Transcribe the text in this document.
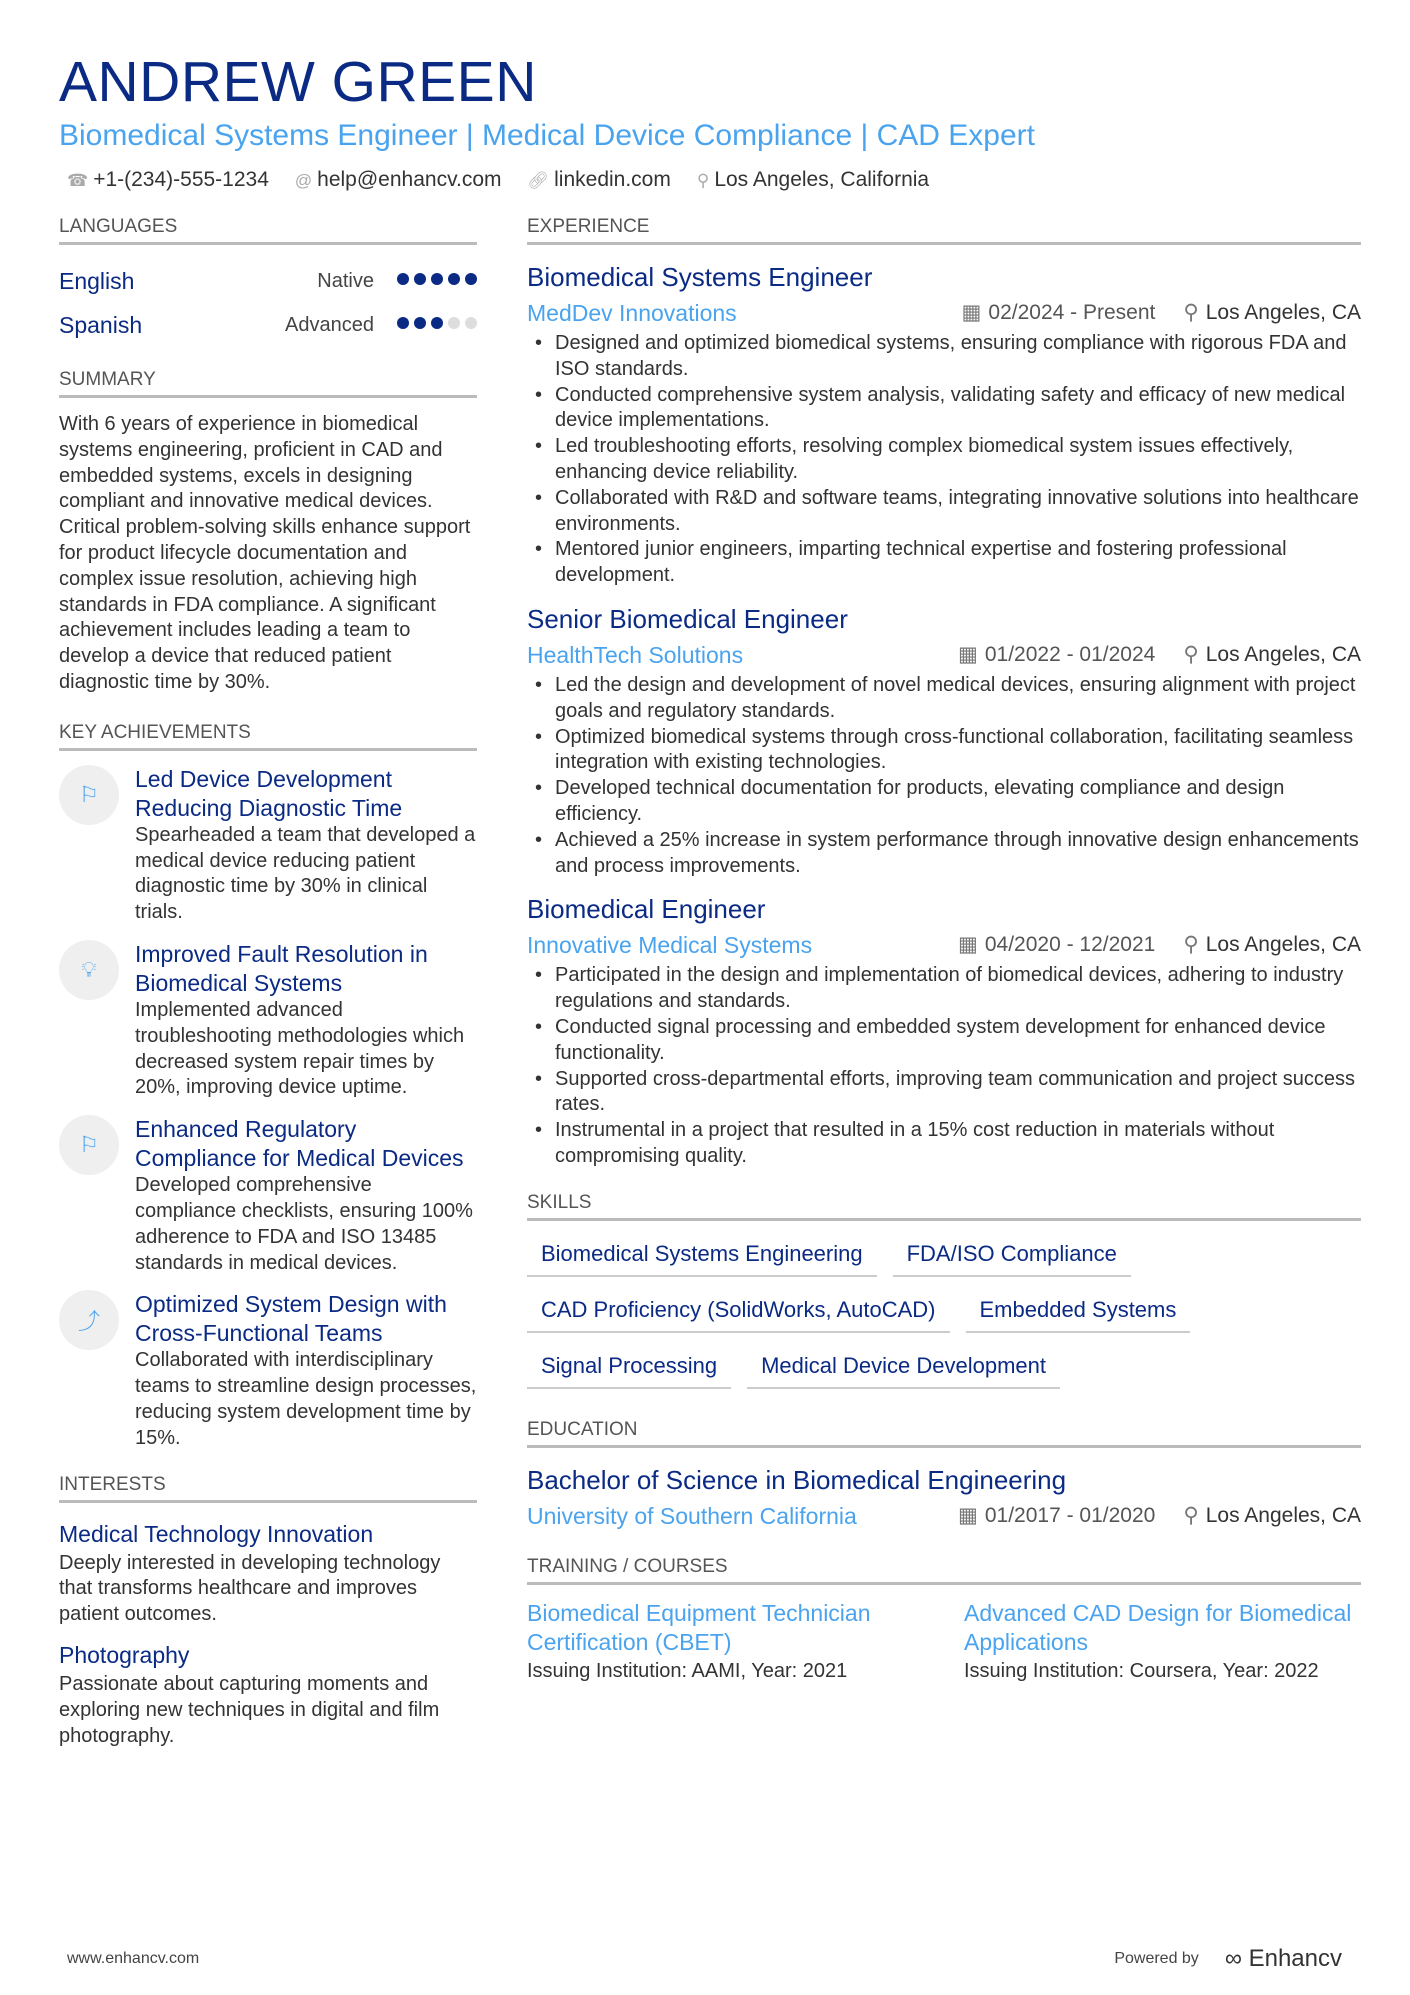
ANDREW GREEN
Biomedical Systems Engineer | Medical Device Compliance | CAD Expert
☎ +1-(234)-555-1234 @ help@enhancv.com 🔗︎ linkedin.com ⚲ Los Angeles, California
LANGUAGES
English	Native
Spanish	Advanced
SUMMARY
With 6 years of experience in biomedical systems engineering, proficient in CAD and embedded systems, excels in designing compliant and innovative medical devices. Critical problem-solving skills enhance support for product lifecycle documentation and complex issue resolution, achieving high standards in FDA compliance. A significant achievement includes leading a team to develop a device that reduced patient diagnostic time by 30%.
KEY ACHIEVEMENTS
⚐
Led Device Development Reducing Diagnostic Time
Spearheaded a team that developed a medical device reducing patient diagnostic time by 30% in clinical trials.
💡︎
Improved Fault Resolution in Biomedical Systems
Implemented advanced troubleshooting methodologies which decreased system repair times by 20%, improving device uptime.
⚐
Enhanced Regulatory Compliance for Medical Devices
Developed comprehensive compliance checklists, ensuring 100% adherence to FDA and ISO 13485 standards in medical devices.
⤴
Optimized System Design with Cross-Functional Teams
Collaborated with interdisciplinary teams to streamline design processes, reducing system development time by 15%.
INTERESTS
Medical Technology Innovation
Deeply interested in developing technology that transforms healthcare and improves patient outcomes.
Photography
Passionate about capturing moments and exploring new techniques in digital and film photography.
EXPERIENCE
Biomedical Systems Engineer
MedDev Innovations	▦ 02/2024 - Present ⚲ Los Angeles, CA
• Designed and optimized biomedical systems, ensuring compliance with rigorous FDA and ISO standards.
• Conducted comprehensive system analysis, validating safety and efficacy of new medical device implementations.
• Led troubleshooting efforts, resolving complex biomedical system issues effectively, enhancing device reliability.
• Collaborated with R&D and software teams, integrating innovative solutions into healthcare environments.
• Mentored junior engineers, imparting technical expertise and fostering professional development.
Senior Biomedical Engineer
HealthTech Solutions	▦ 01/2022 - 01/2024 ⚲ Los Angeles, CA
• Led the design and development of novel medical devices, ensuring alignment with project goals and regulatory standards.
• Optimized biomedical systems through cross-functional collaboration, facilitating seamless integration with existing technologies.
• Developed technical documentation for products, elevating compliance and design efficiency.
• Achieved a 25% increase in system performance through innovative design enhancements and process improvements.
Biomedical Engineer
Innovative Medical Systems	▦ 04/2020 - 12/2021 ⚲ Los Angeles, CA
• Participated in the design and implementation of biomedical devices, adhering to industry regulations and standards.
• Conducted signal processing and embedded system development for enhanced device functionality.
• Supported cross-departmental efforts, improving team communication and project success rates.
• Instrumental in a project that resulted in a 15% cost reduction in materials without compromising quality.
SKILLS
Biomedical Systems Engineering	FDA/ISO Compliance
CAD Proficiency (SolidWorks, AutoCAD)	Embedded Systems
Signal Processing	Medical Device Development
EDUCATION
Bachelor of Science in Biomedical Engineering
University of Southern California	▦ 01/2017 - 01/2020 ⚲ Los Angeles, CA
TRAINING / COURSES
Biomedical Equipment Technician Certification (CBET)
Issuing Institution: AAMI, Year: 2021
Advanced CAD Design for Biomedical Applications
Issuing Institution: Coursera, Year: 2022
www.enhancv.com	Powered by ∞ Enhancv
